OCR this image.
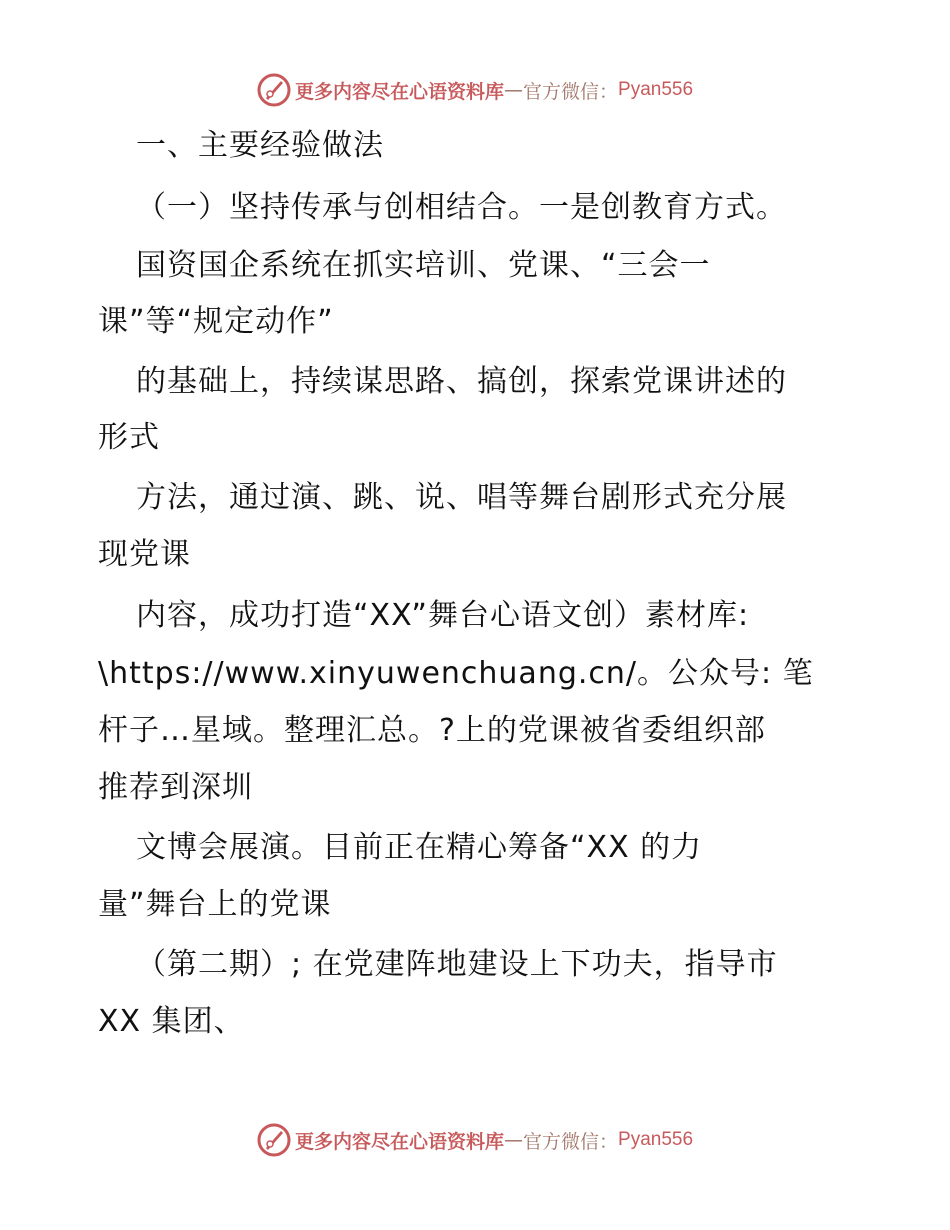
更多内容尽在心语资料库 — 官方微信 ： Pyan556
一、主要经验做法
（一）坚持传承与创相结合。一是创教育方式。
国资国企系统在抓实培训、党课、“三会一
课”等“规定动作”
的基础上，持续谋思路、搞创，探索党课讲述的
形式
方法，通过演、跳、说、唱等舞台剧形式充分展
现党课
内容，成功打造“XX”舞台心语文创）素材库:
\https://www.xinyuwenchuang.cn/。公众号: 笔
杆子…星域。整理汇总。?上的党课被省委组织部
推荐到深圳
文博会展演。目前正在精心筹备“XX 的力
量”舞台上的党课
（第二期）; 在党建阵地建设上下功夫，指导市
XX 集团、
更多内容尽在心语资料库 — 官方微信 ： Pyan556
